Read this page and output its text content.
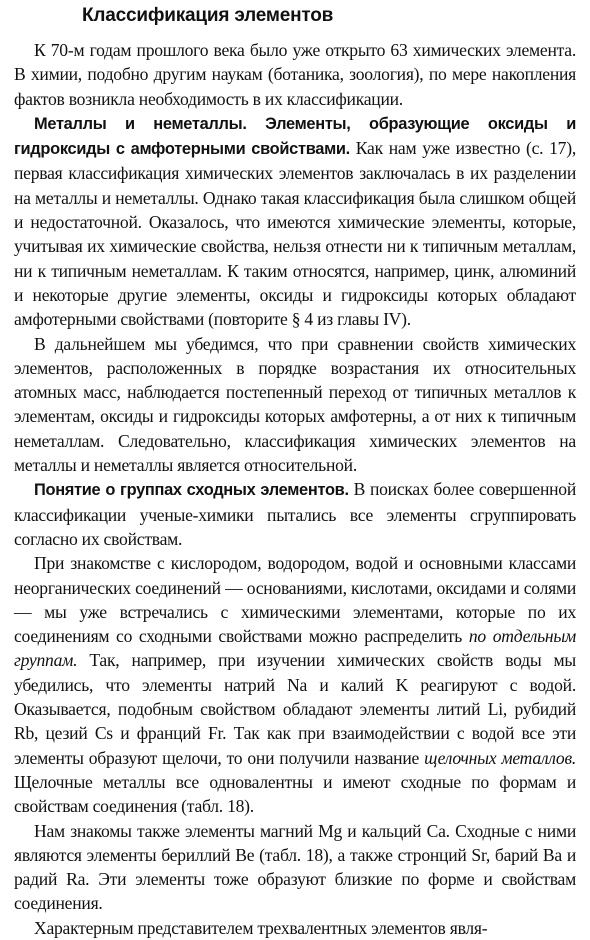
Классификация элементов

К 70-м годам прошлого века было уже открыто 63 химических элемента. В химии, подобно другим наукам (ботаника, зоология), по мере накопления фактов возникла необходимость в их классификации.

Металлы и неметаллы. Элементы, образующие оксиды и гидроксиды с амфотерными свойствами. Как нам уже известно (с. 17), первая классификация химических элементов заключалась в их разделении на металлы и неметаллы. Однако такая классификация была слишком общей и недостаточной. Оказалось, что имеются химические элементы, которые, учитывая их химические свойства, нельзя отнести ни к типичным металлам, ни к типичным неметаллам. К таким относятся, например, цинк, алюминий и некоторые другие элементы, оксиды и гидроксиды которых обладают амфотерными свойствами (повторите § 4 из главы IV).

В дальнейшем мы убедимся, что при сравнении свойств химических элементов, расположенных в порядке возрастания их относительных атомных масс, наблюдается постепенный переход от типичных металлов к элементам, оксиды и гидроксиды которых амфотерны, а от них к типичным неметаллам. Следовательно, классификация химических элементов на металлы и неметаллы является относительной.

Понятие о группах сходных элементов. В поисках более совершенной классификации ученые-химики пытались все элементы сгруппировать согласно их свойствам.

При знакомстве с кислородом, водородом, водой и основными классами неорганических соединений — основаниями, кислотами, оксидами и солями — мы уже встречались с химическими элементами, которые по их соединениям со сходными свойствами можно распределить по отдельным группам. Так, например, при изучении химических свойств воды мы убедились, что элементы натрий Na и калий K реагируют с водой. Оказывается, подобным свойством обладают элементы литий Li, рубидий Rb, цезий Cs и франций Fr. Так как при взаимодействии с водой все эти элементы образуют щелочи, то они получили название щелочных металлов. Щелочные металлы все одновалентны и имеют сходные по формам и свойствам соединения (табл. 18).

Нам знакомы также элементы магний Mg и кальций Ca. Сходные с ними являются элементы бериллий Be (табл. 18), а также стронций Sr, барий Ba и радий Ra. Эти элементы тоже образуют близкие по форме и свойствам соединения.

Характерным представителем трехвалентных элементов явля-
